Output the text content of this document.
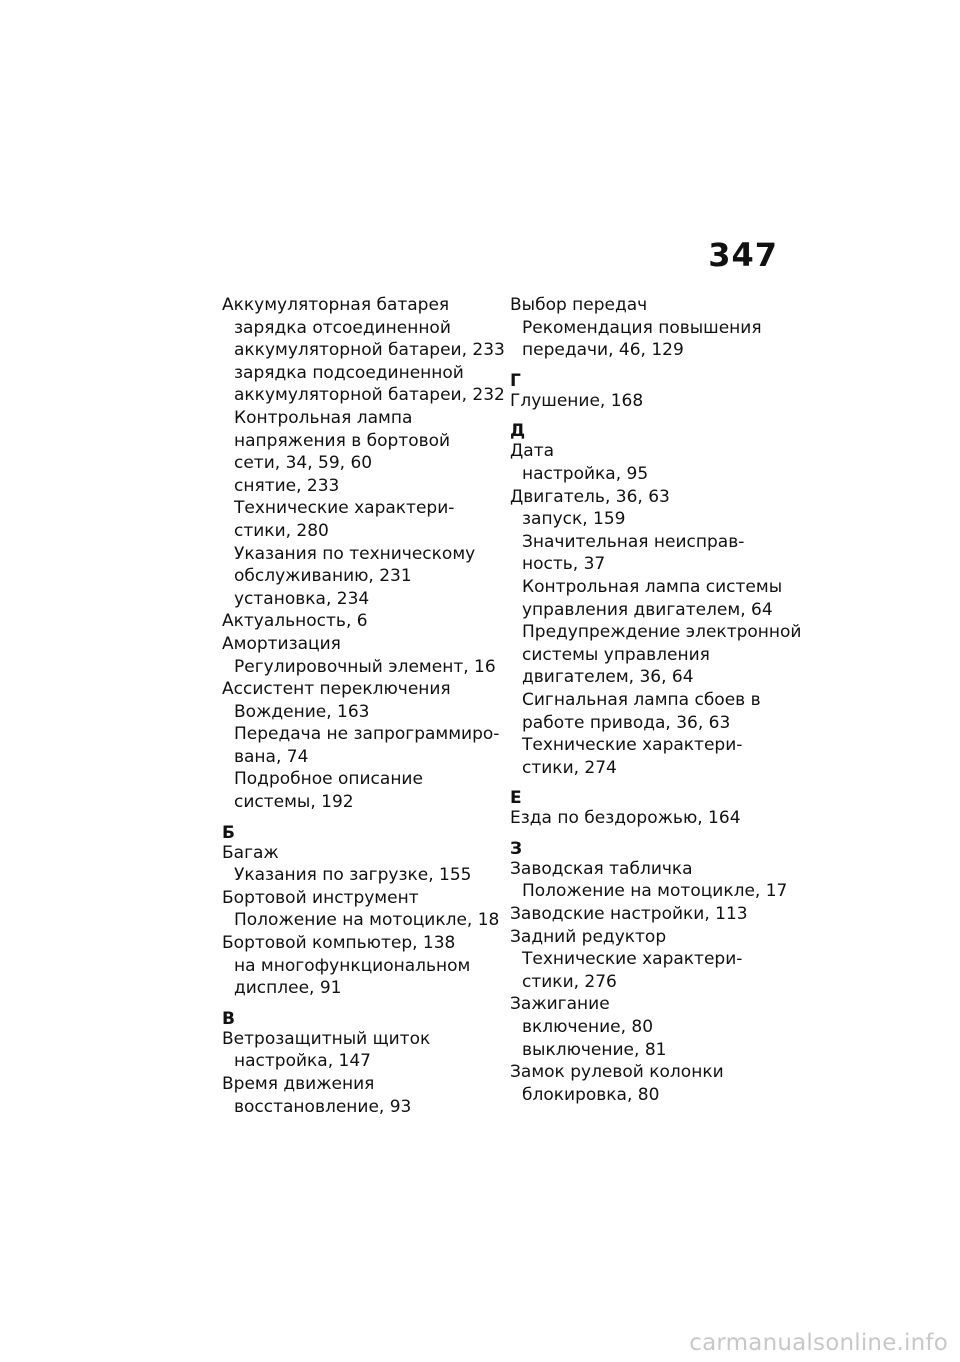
347
Аккумуляторная батарея
зарядка отсоединенной
аккумуляторной батареи, 233
зарядка подсоединенной
аккумуляторной батареи, 232
Контрольная лампа
напряжения в бортовой
сети, 34, 59, 60
снятие, 233
Технические характери-
стики, 280
Указания по техническому
обслуживанию, 231
установка, 234
Актуальность, 6
Амортизация
Регулировочный элемент, 16
Ассистент переключения
Вождение, 163
Передача не запрограммиро-
вана, 74
Подробное описание
системы, 192
Б
Багаж
Указания по загрузке, 155
Бортовой инструмент
Положение на мотоцикле, 18
Бортовой компьютер, 138
на многофункциональном
дисплее, 91
В
Ветрозащитный щиток
настройка, 147
Время движения
восстановление, 93
Выбор передач
Рекомендация повышения
передачи, 46, 129
Г
Глушение, 168
Д
Дата
настройка, 95
Двигатель, 36, 63
запуск, 159
Значительная неисправ-
ность, 37
Контрольная лампа системы
управления двигателем, 64
Предупреждение электронной
системы управления
двигателем, 36, 64
Сигнальная лампа сбоев в
работе привода, 36, 63
Технические характери-
стики, 274
Е
Езда по бездорожью, 164
З
Заводская табличка
Положение на мотоцикле, 17
Заводские настройки, 113
Задний редуктор
Технические характери-
стики, 276
Зажигание
включение, 80
выключение, 81
Замок рулевой колонки
блокировка, 80
carmanualsonline.info
